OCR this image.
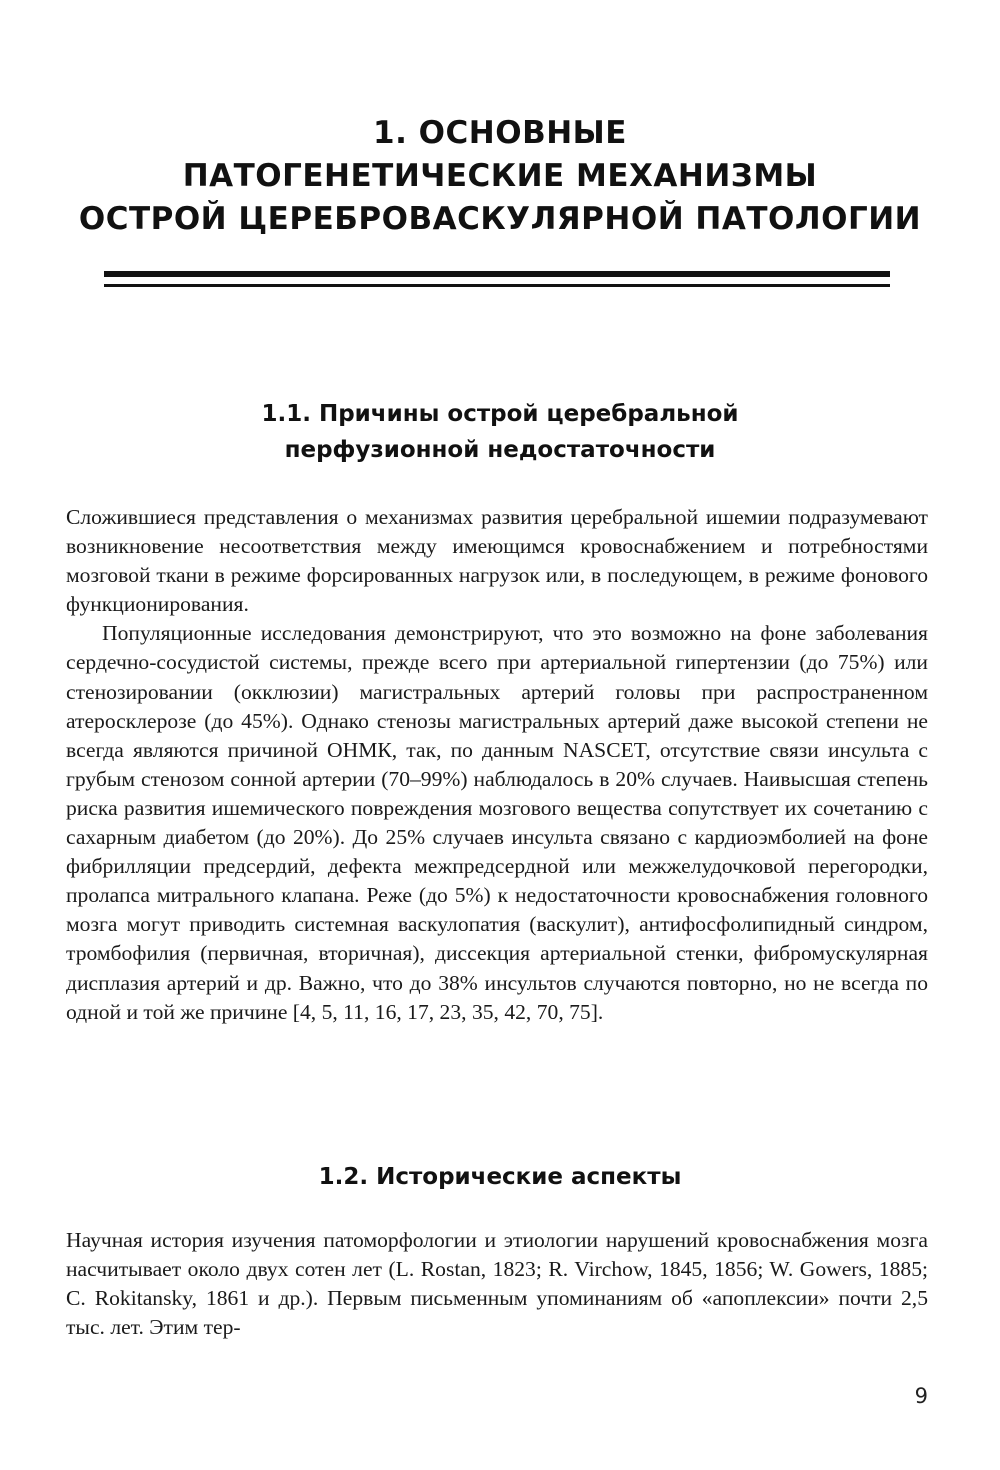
1. ОСНОВНЫЕ
ПАТОГЕНЕТИЧЕСКИЕ МЕХАНИЗМЫ
ОСТРОЙ ЦЕРЕБРОВАСКУЛЯРНОЙ ПАТОЛОГИИ
1.1. Причины острой церебральной
перфузионной недостаточности

Сложившиеся представления о механизмах развития церебральной ишемии подразумевают возникновение несоответствия между имеющимся кровоснабжением и потребностями мозговой ткани в режиме форсированных нагрузок или, в последующем, в режиме фонового функционирования.

Популяционные исследования демонстрируют, что это возможно на фоне заболевания сердечно-сосудистой системы, прежде всего при артериальной гипертензии (до 75%) или стенозировании (окклюзии) магистральных артерий головы при распространенном атеросклерозе (до 45%). Однако стенозы магистральных артерий даже высокой степени не всегда являются причиной ОНМК, так, по данным NASCET, отсутствие связи инсульта с грубым стенозом сонной артерии (70–99%) наблюдалось в 20% случаев. Наивысшая степень риска развития ишемического повреждения мозгового вещества сопутствует их сочетанию с сахарным диабетом (до 20%). До 25% случаев инсульта связано с кардиоэмболией на фоне фибрилляции предсердий, дефекта межпредсердной или межжелудочковой перегородки, пролапса митрального клапана. Реже (до 5%) к недостаточности кровоснабжения головного мозга могут приводить системная васкулопатия (васкулит), антифосфолипидный синдром, тромбофилия (первичная, вторичная), диссекция артериальной стенки, фибромускулярная дисплазия артерий и др. Важно, что до 38% инсультов случаются повторно, но не всегда по одной и той же причине [4, 5, 11, 16, 17, 23, 35, 42, 70, 75].

1.2. Исторические аспекты

Научная история изучения патоморфологии и этиологии нарушений кровоснабжения мозга насчитывает около двух сотен лет (L. Rostan, 1823; R. Virchow, 1845, 1856; W. Gowers, 1885; C. Rokitansky, 1861 и др.). Первым письменным упоминаниям об «апоплексии» почти 2,5 тыс. лет. Этим тер-

9
